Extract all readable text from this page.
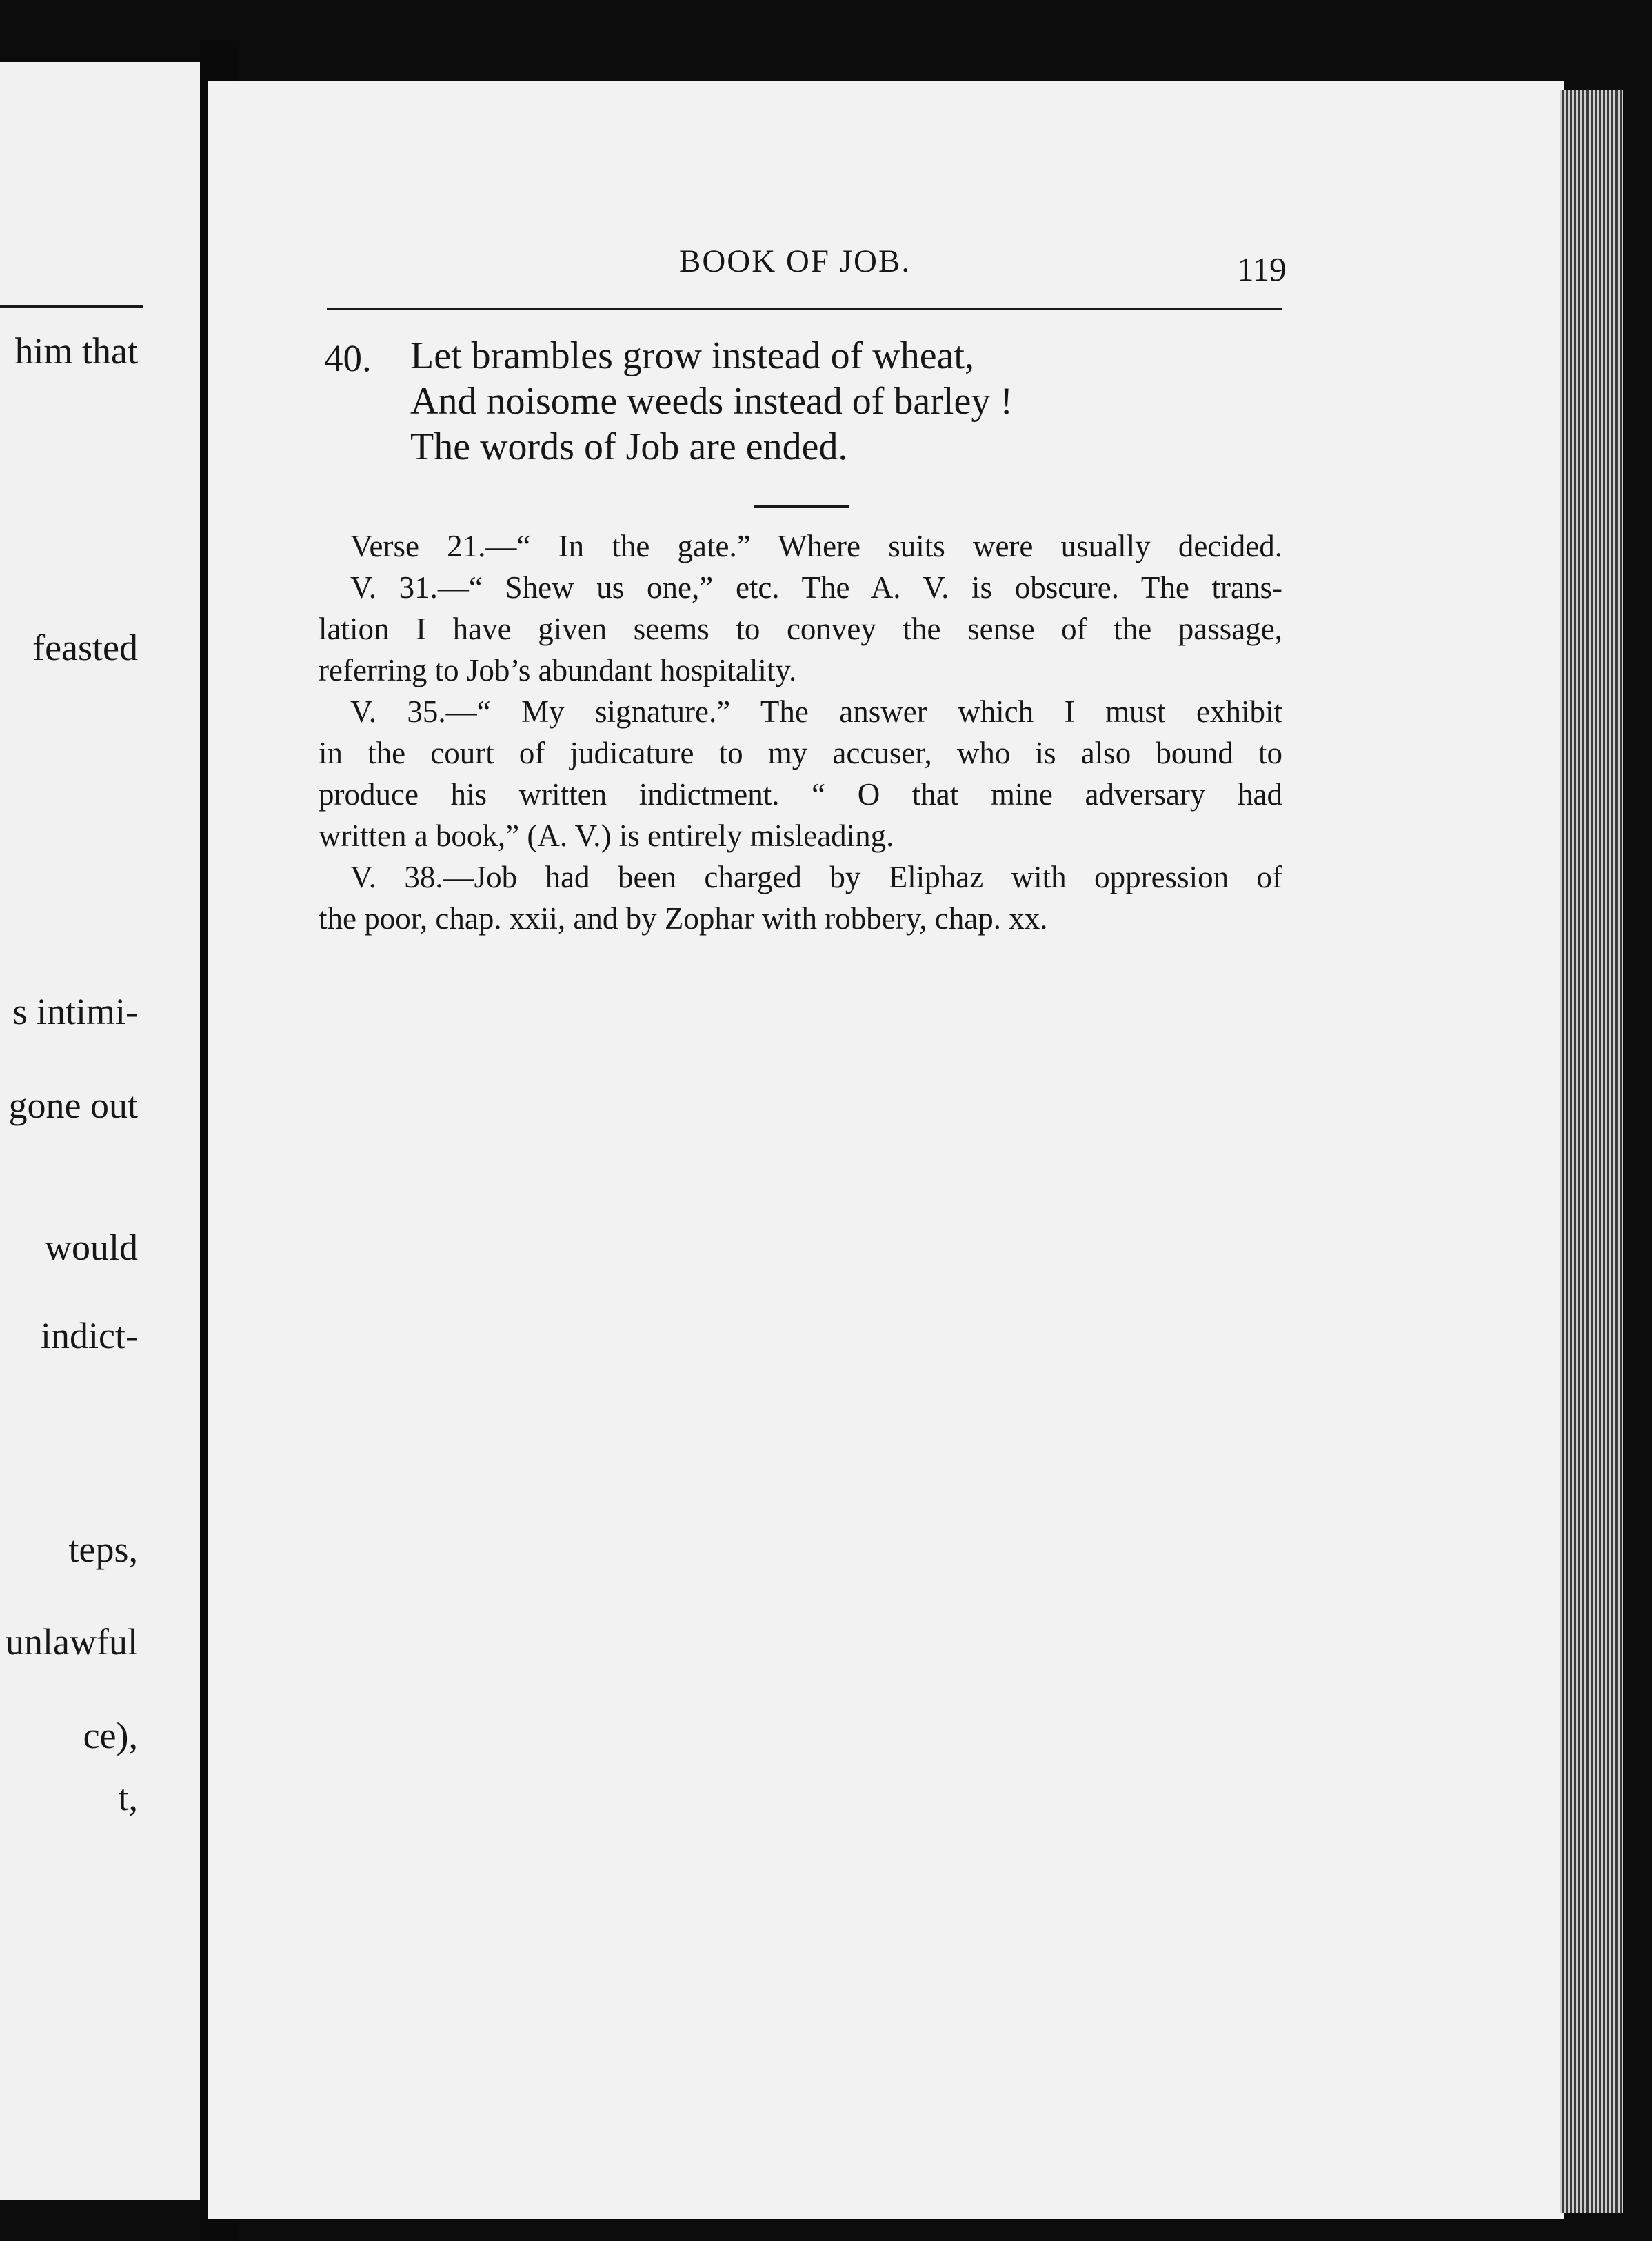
him that
feasted
s intimi-
gone out
would
indict-
teps,
unlawful
ce),
t,
BOOK OF JOB.	119
40. Let brambles grow instead of wheat,
And noisome weeds instead of barley !
The words of Job are ended.
Verse 21.—“ In the gate.” Where suits were usually decided.
V. 31.—“ Shew us one,” etc. The A. V. is obscure. The trans-
lation I have given seems to convey the sense of the passage,
referring to Job’s abundant hospitality.
V. 35.—“ My signature.” The answer which I must exhibit
in the court of judicature to my accuser, who is also bound to
produce his written indictment. “ O that mine adversary had
written a book,” (A. V.) is entirely misleading.
V. 38.—Job had been charged by Eliphaz with oppression of
the poor, chap. xxii, and by Zophar with robbery, chap. xx.
